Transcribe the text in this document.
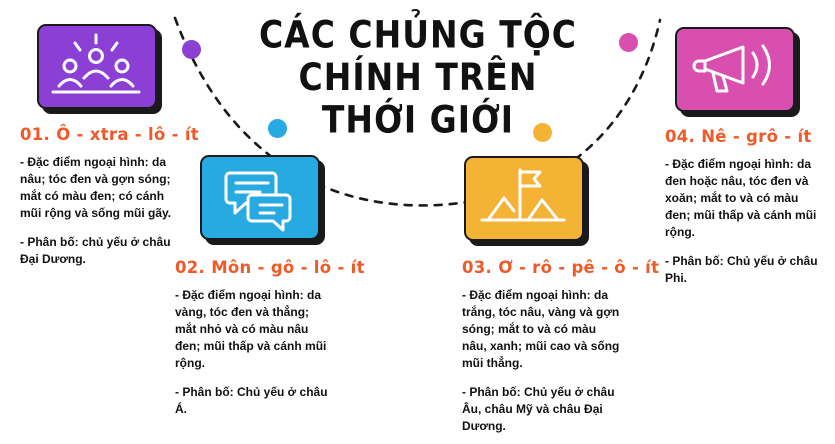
CÁC CHỦNG TỘC
CHÍNH TRÊN
THỚI GIỚI
01. Ô - xtra - lô - ít

- Đặc điểm ngoại hình: da nâu; tóc đen và gợn sóng; mắt có màu đen; có cánh mũi rộng và sống mũi gãy.

- Phân bố: chủ yếu ở châu Đại Dương.	02. Môn - gô - lô - ít

- Đặc điểm ngoại hình: da vàng, tóc đen và thẳng; mắt nhỏ và có màu nâu đen; mũi thấp và cánh mũi rộng.

- Phân bố: Chủ yếu ở châu Á.

03. Ơ - rô - pê - ô - ít

- Đặc điểm ngoại hình: da trắng, tóc nâu, vàng và gợn sóng; mắt to và có màu nâu, xanh; mũi cao và sống mũi thẳng.

- Phân bố: Chủ yếu ở châu Âu, châu Mỹ và châu Đại Dương.

04. Nê - grô - ít

- Đặc điểm ngoại hình: da đen hoặc nâu, tóc đen và xoăn; mắt to và có màu đen; mũi thấp và cánh mũi rộng.

- Phân bố: Chủ yếu ở châu Phi.
